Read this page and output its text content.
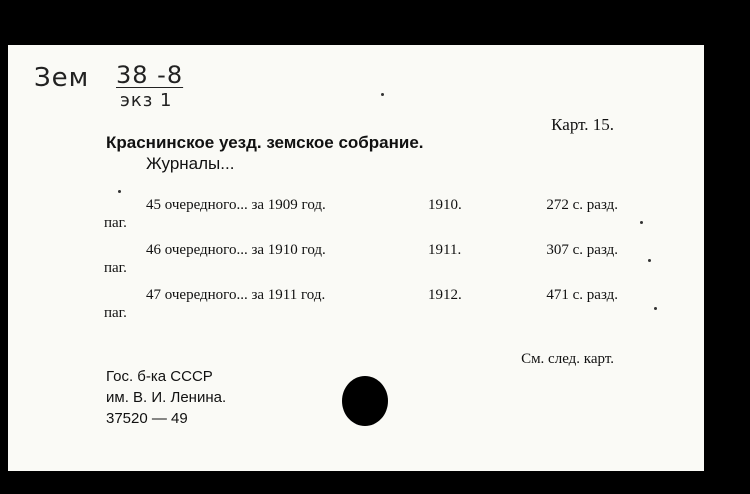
Зем 38 -8
экз 1
Карт. 15.
Краснинское уезд. земское собрание.
Журналы...
45 очередного... за 1909 год.	1910.	272 с. разд.
паг.
46 очередного... за 1910 год.	1911.	307 с. разд.
паг.
47 очередного... за 1911 год.	1912.	471 с. разд.
паг.
См. след. карт.
Гос. б-ка СССР
им. В. И. Ленина.
37520 — 49
